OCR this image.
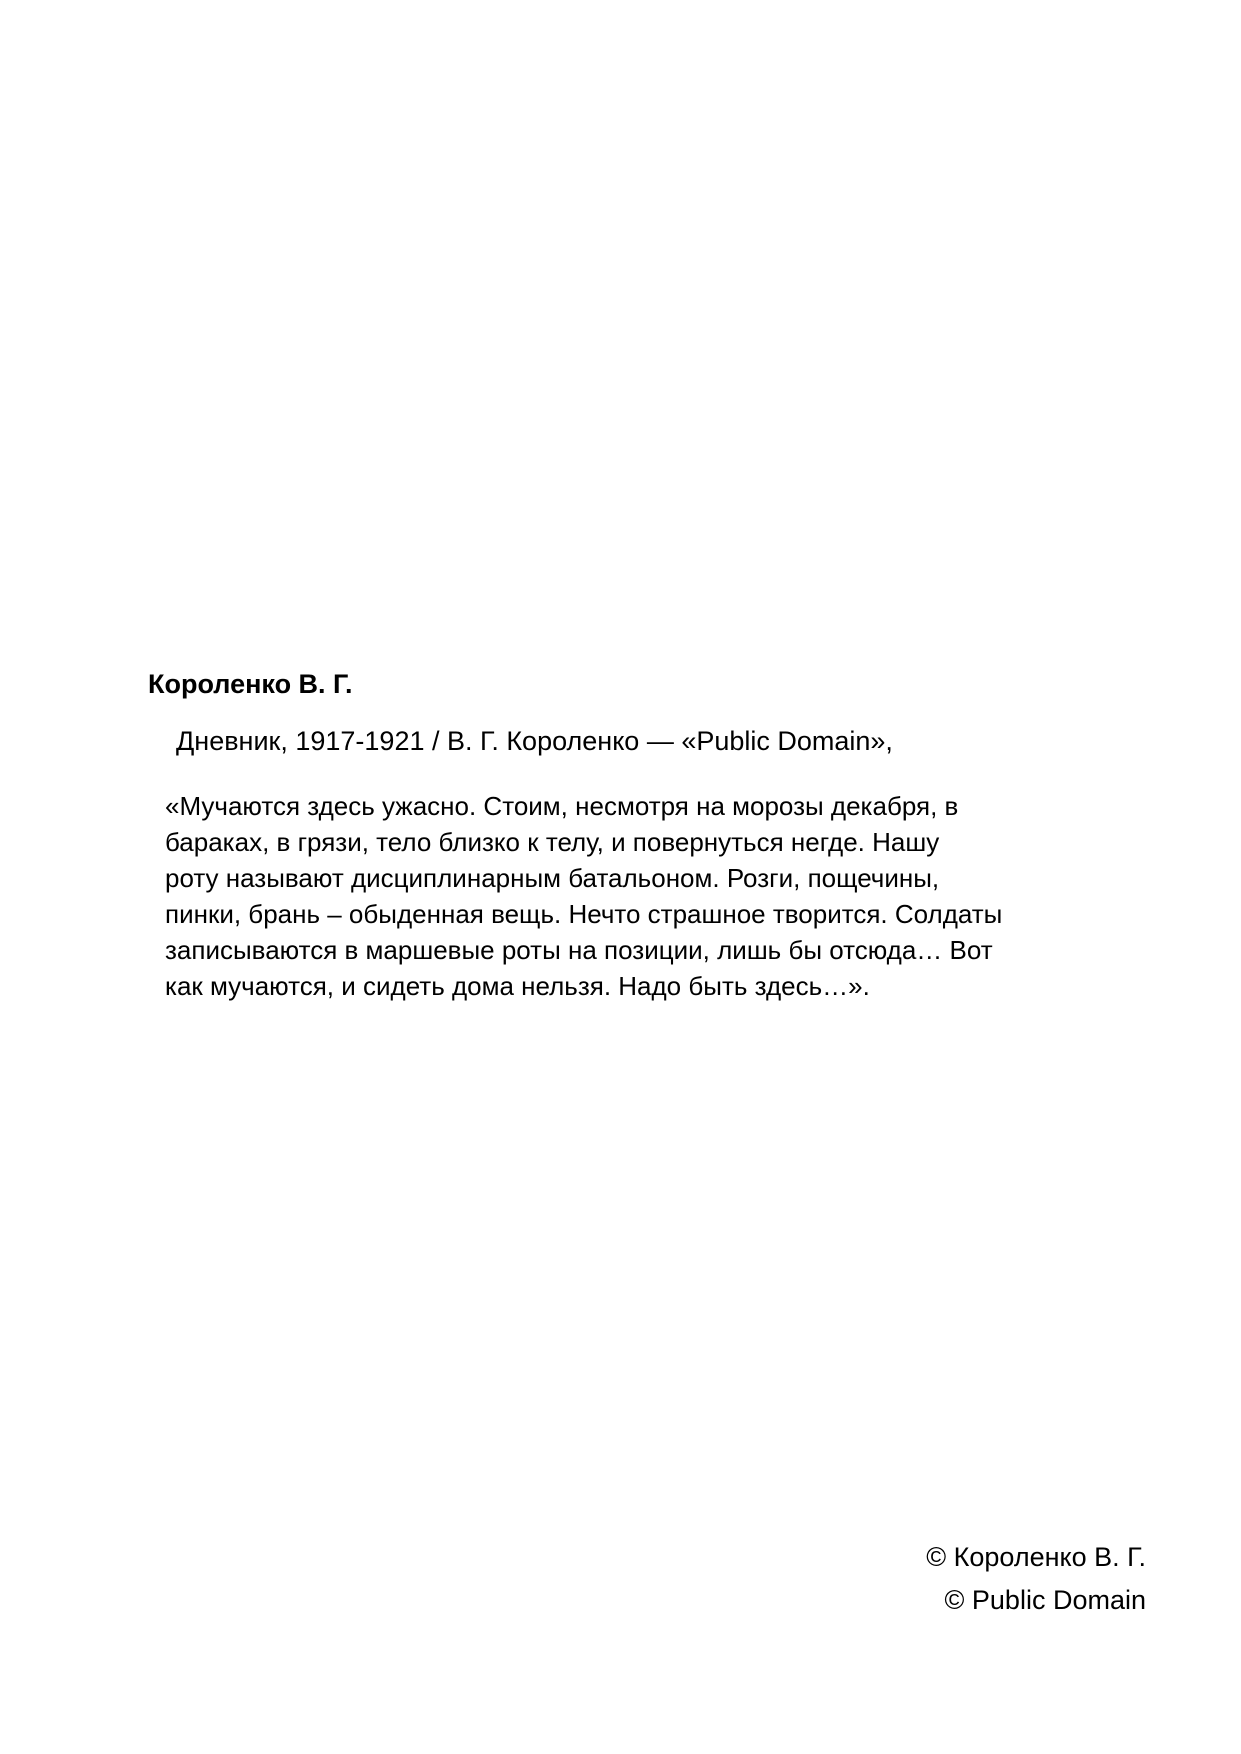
Короленко В. Г.
Дневник, 1917-1921 / В. Г. Короленко — «Public Domain»,
«Мучаются здесь ужасно. Стоим, несмотря на морозы декабря, в
бараках, в грязи, тело близко к телу, и повернуться негде. Нашу
роту называют дисциплинарным батальоном. Розги, пощечины,
пинки, брань – обыденная вещь. Нечто страшное творится. Солдаты
записываются в маршевые роты на позиции, лишь бы отсюда… Вот
как мучаются, и сидеть дома нельзя. Надо быть здесь…».
© Короленко В. Г.
© Public Domain
